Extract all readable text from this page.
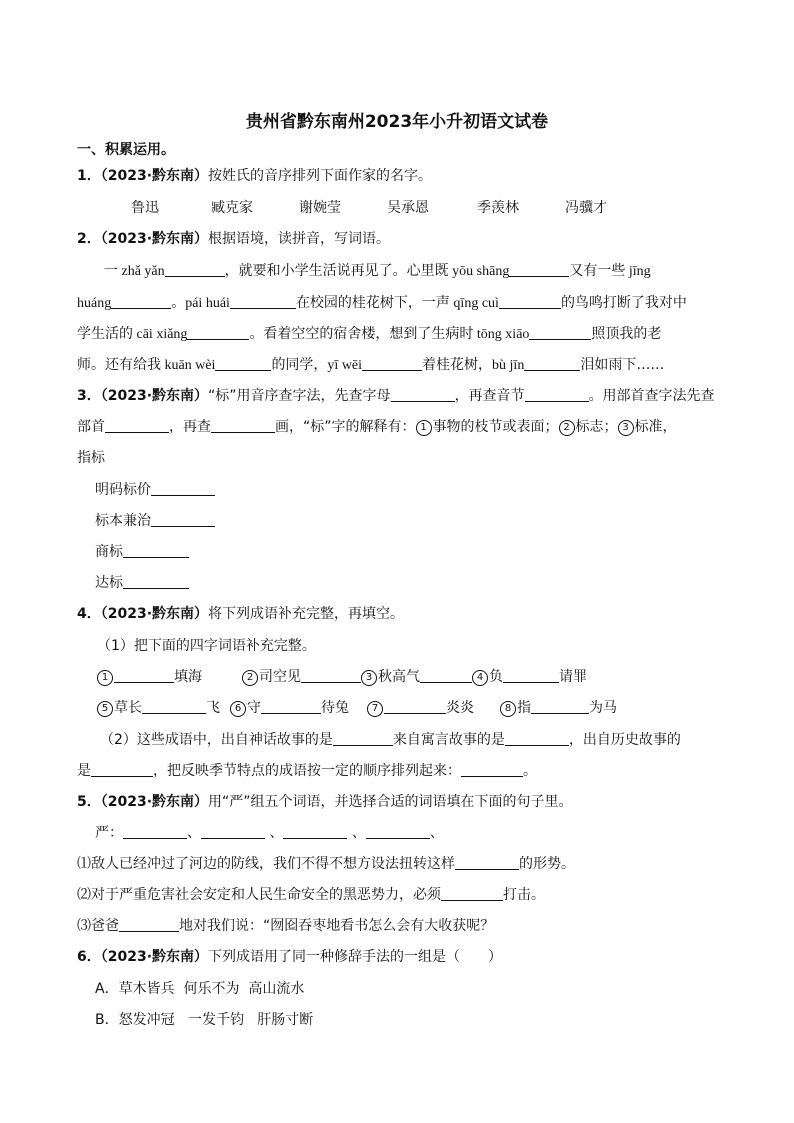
贵州省黔东南州2023年小升初语文试卷
一、积累运用。
1．（2023·黔东南）按姓氏的音序排列下面作家的名字。
鲁迅	臧克家	谢婉莹	吴承恩	季羡林	冯骥才
2．（2023·黔东南）根据语境，读拼音，写词语。
一 zhǎ yǎn	，就要和小学生活说再见了。心里既 yōu shāng	又有一些 jīng
huáng	。pái huái	在校园的桂花树下，一声 qīng cuì	的鸟鸣打断了我对中
学生活的 cāi xiǎng	。看着空空的宿舍楼，想到了生病时 tōng xiāo	照顶我的老
师。还有给我 kuān wèi	的同学，yī wēi	着桂花树，bù jīn	泪如雨下……
3．（2023·黔东南）“标”用音序查字法，先查字母	，再查音节	。用部首查字法先查
部首	，再查	画，“标”字的解释有： 1 事物的枝节或表面； 2 标志； 3 标准，
指标
明码标价
标本兼治
商标
达标
4．（2023·黔东南）将下列成语补充完整，再填空。
（1）把下面的四字词语补充完整。
1	填海	2 司空见	3 秋高气	4 负	请罪
5 草长	飞 6 守	待兔 7	炎炎	8 指	为马
（2）这些成语中，出自神话故事的是	来自寓言故事的是	，出自历史故事的
是	，把反映季节特点的成语按一定的顺序排列起来：	。
5．（2023·黔东南）用“严”组五个词语，并选择合适的词语填在下面的句子里。
严：	、	、	、	、
⑴敌人已经冲过了河边的防线，我们不得不想方设法扭转这样	的形势。
⑵对于严重危害社会安定和人民生命安全的黑恶势力，必须	打击。
⑶爸爸	地对我们说：“囫囵吞枣地看书怎么会有大收获呢？
6．（2023·黔东南）下列成语用了同一种修辞手法的一组是（　　）
A．草木皆兵  何乐不为  高山流水
B．怒发冲冠   一发千钧   肝肠寸断
